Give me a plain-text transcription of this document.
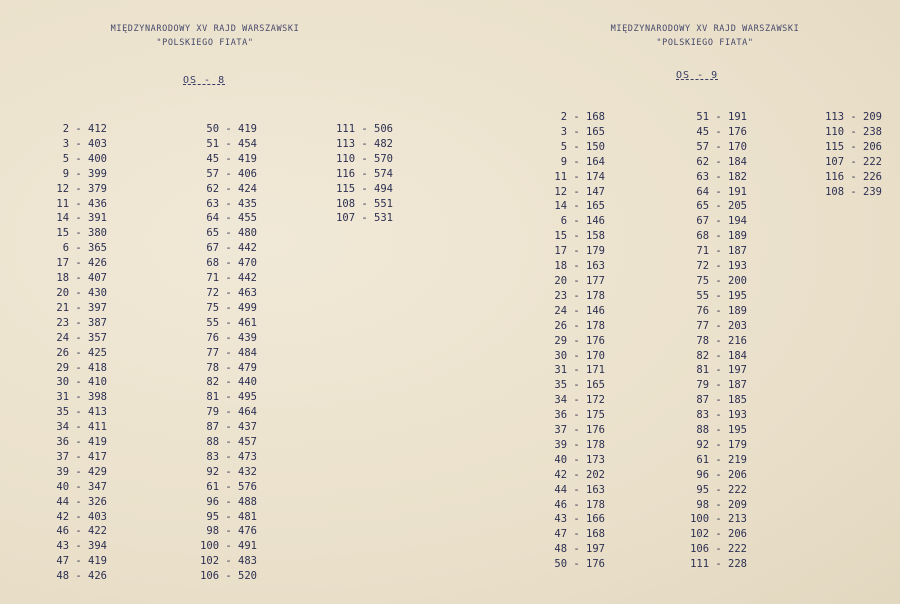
MIĘDZYNARODOWY XV RAJD WARSZAWSKI
"POLSKIEGO FIATA"
OS - 8
2 - 412
3 - 403
5 - 400
9 - 399
12 - 379
11 - 436
14 - 391
15 - 380
6 - 365
17 - 426
18 - 407
20 - 430
21 - 397
23 - 387
24 - 357
26 - 425
29 - 418
30 - 410
31 - 398
35 - 413
34 - 411
36 - 419
37 - 417
39 - 429
40 - 347
44 - 326
42 - 403
46 - 422
43 - 394
47 - 419
48 - 426
50 - 419
51 - 454
45 - 419
57 - 406
62 - 424
63 - 435
64 - 455
65 - 480
67 - 442
68 - 470
71 - 442
72 - 463
75 - 499
55 - 461
76 - 439
77 - 484
78 - 479
82 - 440
81 - 495
79 - 464
87 - 437
88 - 457
83 - 473
92 - 432
61 - 576
96 - 488
95 - 481
98 - 476
100 - 491
102 - 483
106 - 520
111 - 506
113 - 482
110 - 570
116 - 574
115 - 494
108 - 551
107 - 531
MIĘDZYNARODOWY XV RAJD WARSZAWSKI
"POLSKIEGO FIATA"
OS - 9
2 - 168
3 - 165
5 - 150
9 - 164
11 - 174
12 - 147
14 - 165
6 - 146
15 - 158
17 - 179
18 - 163
20 - 177
23 - 178
24 - 146
26 - 178
29 - 176
30 - 170
31 - 171
35 - 165
34 - 172
36 - 175
37 - 176
39 - 178
40 - 173
42 - 202
44 - 163
46 - 178
43 - 166
47 - 168
48 - 197
50 - 176
51 - 191
45 - 176
57 - 170
62 - 184
63 - 182
64 - 191
65 - 205
67 - 194
68 - 189
71 - 187
72 - 193
75 - 200
55 - 195
76 - 189
77 - 203
78 - 216
82 - 184
81 - 197
79 - 187
87 - 185
83 - 193
88 - 195
92 - 179
61 - 219
96 - 206
95 - 222
98 - 209
100 - 213
102 - 206
106 - 222
111 - 228
113 - 209
110 - 238
115 - 206
107 - 222
116 - 226
108 - 239
